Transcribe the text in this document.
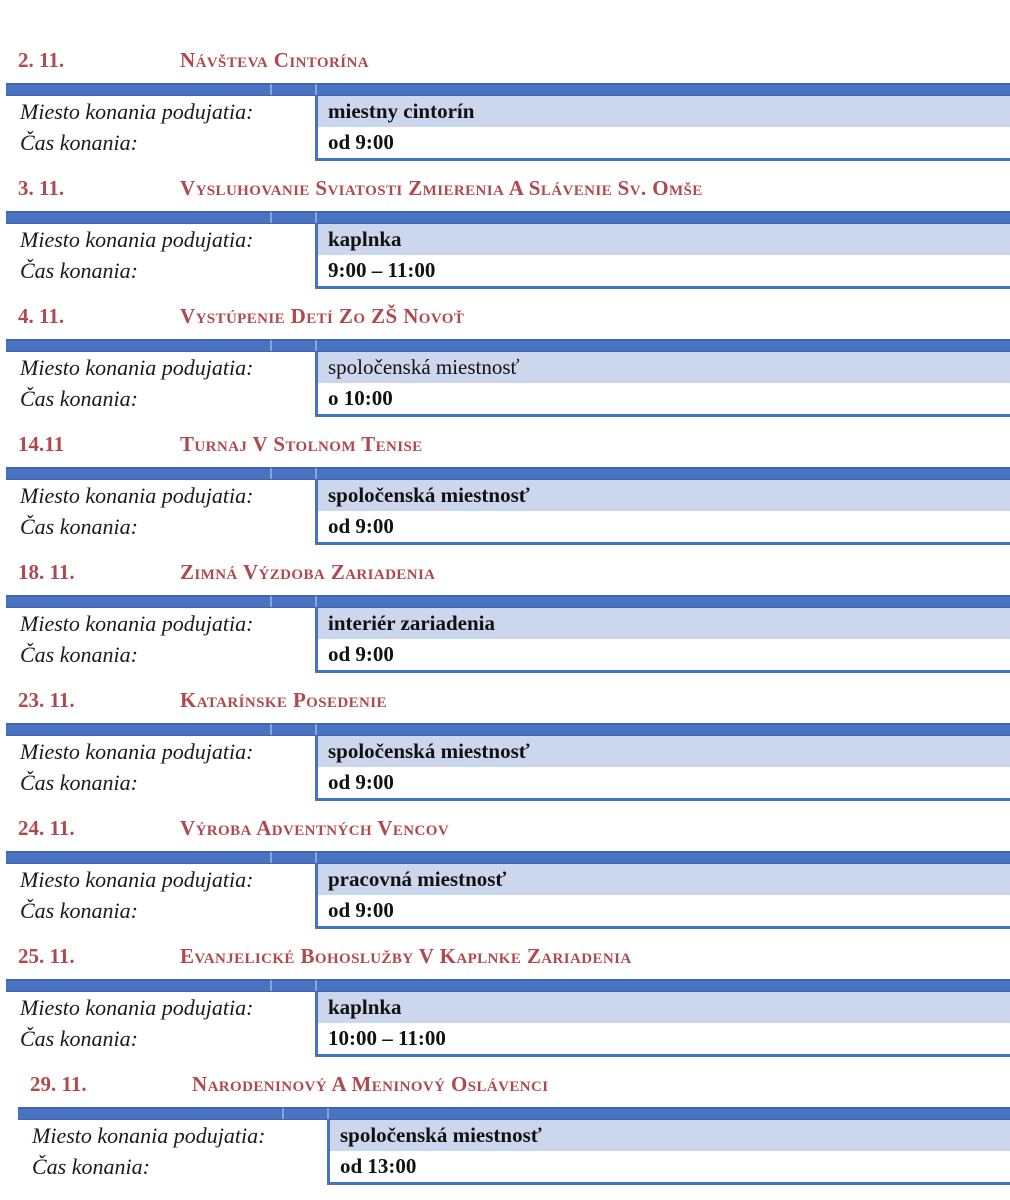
2. 11.	Návšteva Cintorína
Miesto konania podujatia:	miestny cintorín
Čas konania:	od 9:00
3. 11.	Vysluhovanie Sviatosti Zmierenia A Slávenie Sv. Omše
Miesto konania podujatia:	kaplnka
Čas konania:	9:00 – 11:00
4. 11.	Vystúpenie Detí Zo ZŠ Novoť
Miesto konania podujatia:	spoločenská miestnosť
Čas konania:	o 10:00
14.11	Turnaj V Stolnom Tenise
Miesto konania podujatia:	spoločenská miestnosť
Čas konania:	od 9:00
18. 11.	Zimná Výzdoba Zariadenia
Miesto konania podujatia:	interiér zariadenia
Čas konania:	od 9:00
23. 11.	Katarínske Posedenie
Miesto konania podujatia:	spoločenská miestnosť
Čas konania:	od 9:00
24. 11.	Výroba Adventných Vencov
Miesto konania podujatia:	pracovná miestnosť
Čas konania:	od 9:00
25. 11.	Evanjelické Bohoslužby V Kaplnke Zariadenia
Miesto konania podujatia:	kaplnka
Čas konania:	10:00 – 11:00
29. 11.	Narodeninový A Meninový Oslávenci
Miesto konania podujatia:	spoločenská miestnosť
Čas konania:	od 13:00
